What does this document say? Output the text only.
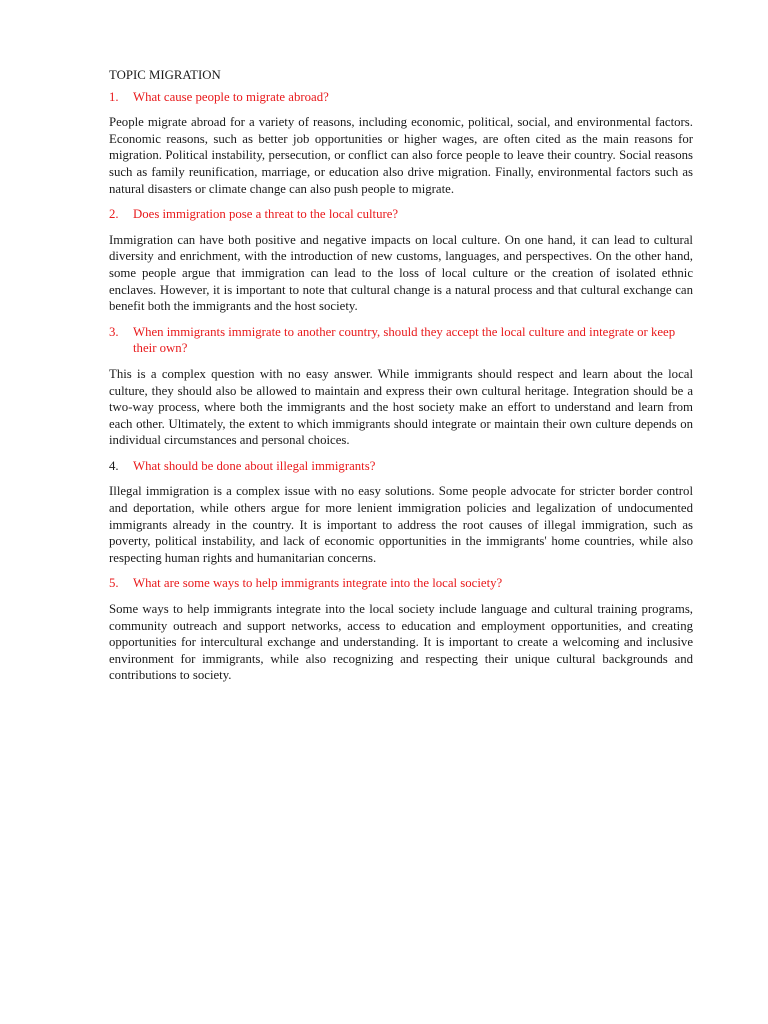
TOPIC MIGRATION
1.	What cause people to migrate abroad?

People migrate abroad for a variety of reasons, including economic, political, social, and environmental factors. Economic reasons, such as better job opportunities or higher wages, are often cited as the main reasons for migration. Political instability, persecution, or conflict can also force people to leave their country. Social reasons such as family reunification, marriage, or education also drive migration. Finally, environmental factors such as natural disasters or climate change can also push people to migrate.

2.	Does immigration pose a threat to the local culture?

Immigration can have both positive and negative impacts on local culture. On one hand, it can lead to cultural diversity and enrichment, with the introduction of new customs, languages, and perspectives. On the other hand, some people argue that immigration can lead to the loss of local culture or the creation of isolated ethnic enclaves. However, it is important to note that cultural change is a natural process and that cultural exchange can benefit both the immigrants and the host society.

3.	When immigrants immigrate to another country, should they accept the local culture and integrate or keep their own?

This is a complex question with no easy answer. While immigrants should respect and learn about the local culture, they should also be allowed to maintain and express their own cultural heritage. Integration should be a two-way process, where both the immigrants and the host society make an effort to understand and learn from each other. Ultimately, the extent to which immigrants should integrate or maintain their own culture depends on individual circumstances and personal choices.

4.	What should be done about illegal immigrants?

Illegal immigration is a complex issue with no easy solutions. Some people advocate for stricter border control and deportation, while others argue for more lenient immigration policies and legalization of undocumented immigrants already in the country. It is important to address the root causes of illegal immigration, such as poverty, political instability, and lack of economic opportunities in the immigrants' home countries, while also respecting human rights and humanitarian concerns.

5.	What are some ways to help immigrants integrate into the local society?

Some ways to help immigrants integrate into the local society include language and cultural training programs, community outreach and support networks, access to education and employment opportunities, and creating opportunities for intercultural exchange and understanding. It is important to create a welcoming and inclusive environment for immigrants, while also recognizing and respecting their unique cultural backgrounds and contributions to society.
